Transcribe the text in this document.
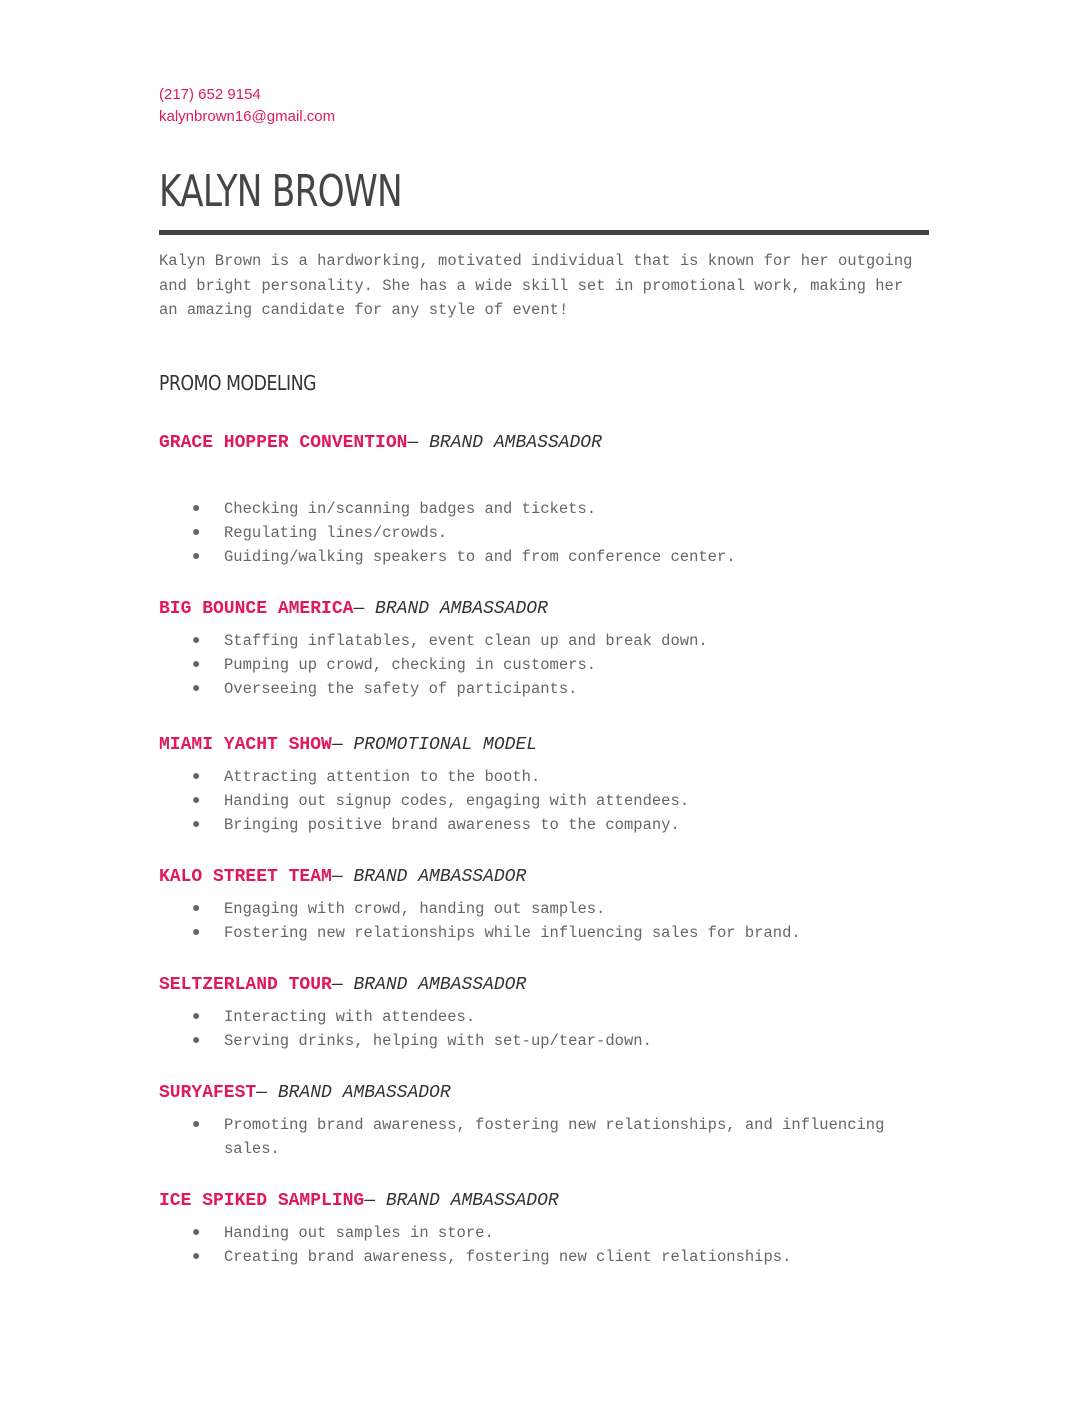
(217) 652 9154
kalynbrown16@gmail.com
KALYN BROWN
Kalyn Brown is a hardworking, motivated individual that is known for her outgoing and bright personality. She has a wide skill set in promotional work, making her an amazing candidate for any style of event!
PROMO MODELING
GRACE HOPPER CONVENTION— BRAND AMBASSADOR
● Checking in/scanning badges and tickets.
● Regulating lines/crowds.
● Guiding/walking speakers to and from conference center.
BIG BOUNCE AMERICA— BRAND AMBASSADOR
● Staffing inflatables, event clean up and break down.
● Pumping up crowd, checking in customers.
● Overseeing the safety of participants.
MIAMI YACHT SHOW— PROMOTIONAL MODEL
● Attracting attention to the booth.
● Handing out signup codes, engaging with attendees.
● Bringing positive brand awareness to the company.
KALO STREET TEAM— BRAND AMBASSADOR
● Engaging with crowd, handing out samples.
● Fostering new relationships while influencing sales for brand.
SELTZERLAND TOUR— BRAND AMBASSADOR
● Interacting with attendees.
● Serving drinks, helping with set-up/tear-down.
SURYAFEST— BRAND AMBASSADOR
● Promoting brand awareness, fostering new relationships, and influencing sales.
ICE SPIKED SAMPLING— BRAND AMBASSADOR
● Handing out samples in store.
● Creating brand awareness, fostering new client relationships.
